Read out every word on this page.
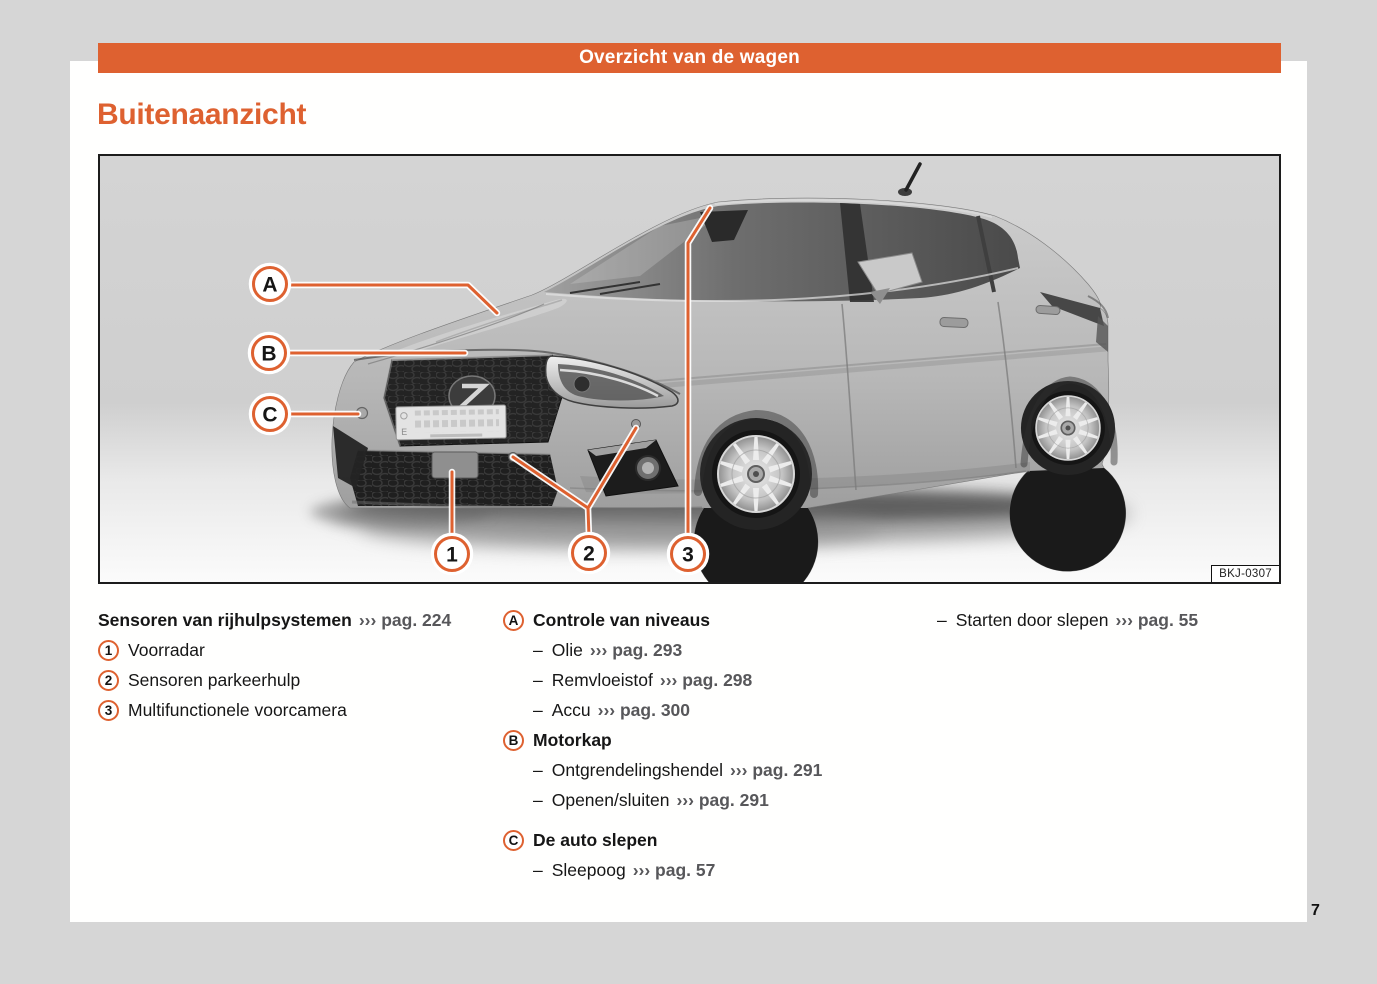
Overzicht van de wagen
Buitenaanzicht
E
A
B
C
1	2	3
BKJ-0307
Sensoren van rijhulpsystemen ››› pag. 224
1 Voorradar
2 Sensoren parkeerhulp
3 Multifunctionele voorcamera
A Controle van niveaus
– Olie ››› pag. 293
– Remvloeistof ››› pag. 298
– Accu ››› pag. 300
B Motorkap
– Ontgrendelingshendel ››› pag. 291
– Openen/sluiten ››› pag. 291
C De auto slepen
– Sleepoog ››› pag. 57
– Starten door slepen ››› pag. 55
7
